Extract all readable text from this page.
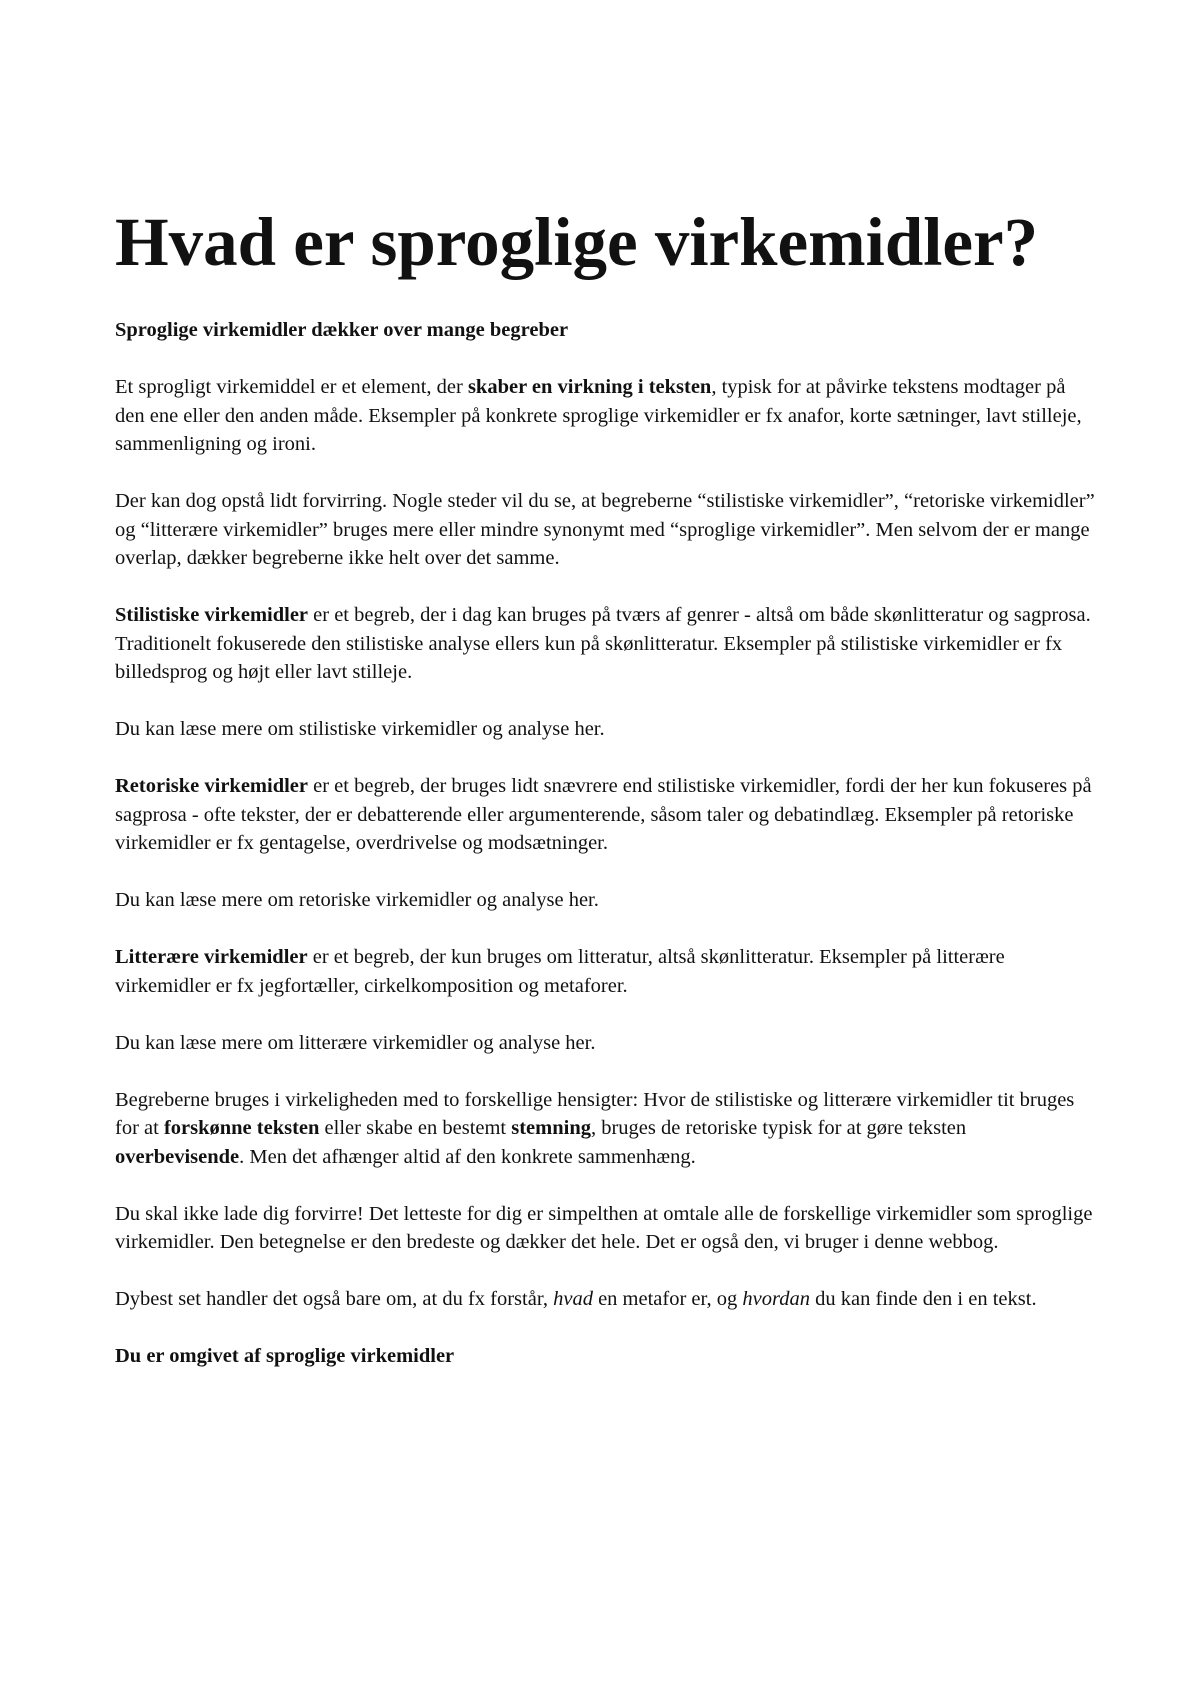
Hvad er sproglige virkemidler?

Sproglige virkemidler dækker over mange begreber

Et sprogligt virkemiddel er et element, der skaber en virkning i teksten, typisk for at påvirke tekstens modtager på den ene eller den anden måde. Eksempler på konkrete sproglige virkemidler er fx anafor, korte sætninger, lavt stilleje, sammenligning og ironi.

Der kan dog opstå lidt forvirring. Nogle steder vil du se, at begreberne “stilistiske virkemidler”, “retoriske virkemidler” og “litterære virkemidler” bruges mere eller mindre synonymt med “sproglige virkemidler”. Men selvom der er mange overlap, dækker begreberne ikke helt over det samme.

Stilistiske virkemidler er et begreb, der i dag kan bruges på tværs af genrer - altså om både skønlitteratur og sagprosa. Traditionelt fokuserede den stilistiske analyse ellers kun på skønlitteratur. Eksempler på stilistiske virkemidler er fx billedsprog og højt eller lavt stilleje.

Du kan læse mere om stilistiske virkemidler og analyse her.

Retoriske virkemidler er et begreb, der bruges lidt snævrere end stilistiske virkemidler, fordi der her kun fokuseres på sagprosa - ofte tekster, der er debatterende eller argumenterende, såsom taler og debatindlæg. Eksempler på retoriske virkemidler er fx gentagelse, overdrivelse og modsætninger.

Du kan læse mere om retoriske virkemidler og analyse her.

Litterære virkemidler er et begreb, der kun bruges om litteratur, altså skønlitteratur. Eksempler på litterære virkemidler er fx jegfortæller, cirkelkomposition og metaforer.

Du kan læse mere om litterære virkemidler og analyse her.

Begreberne bruges i virkeligheden med to forskellige hensigter: Hvor de stilistiske og litterære virkemidler tit bruges for at forskønne teksten eller skabe en bestemt stemning, bruges de retoriske typisk for at gøre teksten overbevisende. Men det afhænger altid af den konkrete sammenhæng.

Du skal ikke lade dig forvirre! Det letteste for dig er simpelthen at omtale alle de forskellige virkemidler som sproglige virkemidler. Den betegnelse er den bredeste og dækker det hele. Det er også den, vi bruger i denne webbog.

Dybest set handler det også bare om, at du fx forstår, hvad en metafor er, og hvordan du kan finde den i en tekst.

Du er omgivet af sproglige virkemidler
